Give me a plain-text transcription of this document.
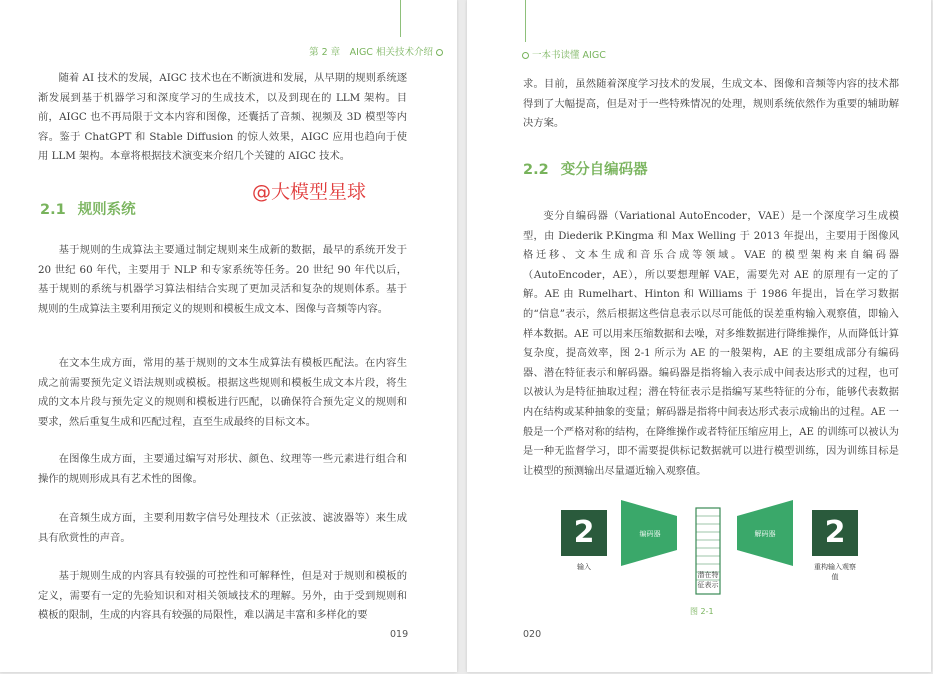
第 2 章　AIGC 相关技术介绍
随着 AI 技术的发展，AIGC 技术也在不断演进和发展，从早期的规则系统逐渐发展到基于机器学习和深度学习的生成技术，以及到现在的 LLM 架构。目前，AIGC 也不再局限于文本内容和图像，还囊括了音频、视频及 3D 模型等内容。鉴于 ChatGPT 和 Stable Diffusion 的惊人效果，AIGC 应用也趋向于使用 LLM 架构。本章将根据技术演变来介绍几个关键的 AIGC 技术。
@大模型星球
2.1 规则系统
基于规则的生成算法主要通过制定规则来生成新的数据，最早的系统开发于 20 世纪 60 年代，主要用于 NLP 和专家系统等任务。20 世纪 90 年代以后，基于规则的系统与机器学习算法相结合实现了更加灵活和复杂的规则体系。基于规则的生成算法主要利用预定义的规则和模板生成文本、图像与音频等内容。
在文本生成方面，常用的基于规则的文本生成算法有模板匹配法。在内容生成之前需要预先定义语法规则或模板。根据这些规则和模板生成文本片段，将生成的文本片段与预先定义的规则和模板进行匹配，以确保符合预先定义的规则和要求，然后重复生成和匹配过程，直至生成最终的目标文本。
在图像生成方面，主要通过编写对形状、颜色、纹理等一些元素进行组合和操作的规则形成具有艺术性的图像。
在音频生成方面，主要利用数字信号处理技术（正弦波、滤波器等）来生成具有欣赏性的声音。
基于规则生成的内容具有较强的可控性和可解释性，但是对于规则和模板的定义，需要有一定的先验知识和对相关领域技术的理解。另外，由于受到规则和模板的限制，生成的内容具有较强的局限性，难以满足丰富和多样化的要
019
一本书读懂 AIGC
求。目前，虽然随着深度学习技术的发展，生成文本、图像和音频等内容的技术都得到了大幅提高，但是对于一些特殊情况的处理，规则系统依然作为重要的辅助解决方案。
2.2 变分自编码器
变分自编码器（Variational AutoEncoder，VAE）是一个深度学习生成模型，由 Diederik P.Kingma 和 Max Welling 于 2013 年提出，主要用于图像风格迁移、文本生成和音乐合成等领域。VAE 的模型架构来自编码器（AutoEncoder，AE），所以要想理解 VAE，需要先对 AE 的原理有一定的了解。AE 由 Rumelhart、Hinton 和 Williams 于 1986 年提出，旨在学习数据的“信息”表示，然后根据这些信息表示以尽可能低的误差重构输入观察值，即输入样本数据。AE 可以用来压缩数据和去噪，对多维数据进行降维操作，从而降低计算复杂度，提高效率，图 2-1 所示为 AE 的一般架构，AE 的主要组成部分有编码器、潜在特征表示和解码器。编码器是指将输入表示成中间表达形式的过程，也可以被认为是特征抽取过程；潜在特征表示是指编写某些特征的分布，能够代表数据内在结构或某种抽象的变量；解码器是指将中间表达形式表示成输出的过程。AE 一般是一个严格对称的结构，在降维操作或者特征压缩应用上，AE 的训练可以被认为是一种无监督学习，即不需要提供标记数据就可以进行模型训练，因为训练目标是让模型的预测输出尽量逼近输入观察值。
2	编码器	解码器	2
输入
潜在特征表示
重构输入观察值
图 2-1
020
